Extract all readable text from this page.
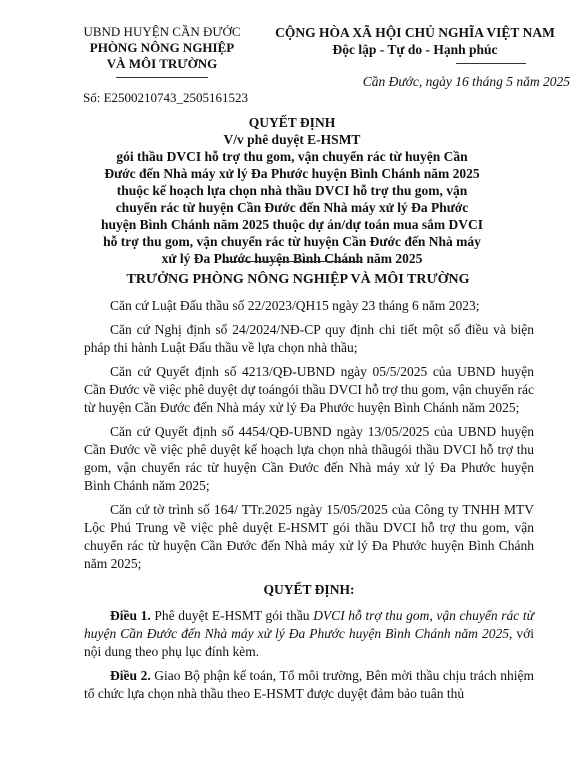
UBND HUYỆN CẦN ĐƯỚC
PHÒNG NÔNG NGHIỆP
VÀ MÔI TRƯỜNG
CỘNG HÒA XÃ HỘI CHỦ NGHĨA VIỆT NAM
Độc lập - Tự do - Hạnh phúc
Cần Đước, ngày 16 tháng 5 năm 2025
Số: E2500210743_2505161523
QUYẾT ĐỊNH
V/v phê duyệt E-HSMT
gói thầu DVCI hỗ trợ thu gom, vận chuyển rác từ huyện Cần Đước đến Nhà máy xử lý Đa Phước huyện Bình Chánh năm 2025 thuộc kế hoạch lựa chọn nhà thầu DVCI hỗ trợ thu gom, vận chuyển rác từ huyện Cần Đước đến Nhà máy xử lý Đa Phước huyện Bình Chánh năm 2025 thuộc dự án/dự toán mua sắm DVCI hỗ trợ thu gom, vận chuyển rác từ huyện Cần Đước đến Nhà máy xử lý Đa Phước huyện Bình Chánh năm 2025
TRƯỞNG PHÒNG NÔNG NGHIỆP VÀ MÔI TRƯỜNG

Căn cứ Luật Đấu thầu số 22/2023/QH15 ngày 23 tháng 6 năm 2023;

Căn cứ Nghị định số 24/2024/NĐ-CP quy định chi tiết một số điều và biện pháp thi hành Luật Đấu thầu về lựa chọn nhà thầu;

Căn cứ Quyết định số 4213/QĐ-UBND ngày 05/5/2025 của UBND huyện Cần Đước về việc phê duyệt dự toángói thầu DVCI hỗ trợ thu gom, vận chuyển rác từ huyện Cần Đước đến Nhà máy xử lý Đa Phước huyện Bình Chánh năm 2025;

Căn cứ Quyết định số 4454/QĐ-UBND ngày 13/05/2025 của UBND huyện Cần Đước về việc phê duyệt kế hoạch lựa chọn nhà thầugói thầu DVCI hỗ trợ thu gom, vận chuyển rác từ huyện Cần Đước đến Nhà máy xử lý Đa Phước huyện Bình Chánh năm 2025;

Căn cứ tờ trình số 164/ TTr.2025 ngày 15/05/2025 của Công ty TNHH MTV Lộc Phú Trung về việc phê duyệt E-HSMT gói thầu DVCI hỗ trợ thu gom, vận chuyển rác từ huyện Cần Đước đến Nhà máy xử lý Đa Phước huyện Bình Chánh năm 2025;

QUYẾT ĐỊNH:

Điều 1. Phê duyệt E-HSMT gói thầu DVCI hỗ trợ thu gom, vận chuyển rác từ huyện Cần Đước đến Nhà máy xử lý Đa Phước huyện Bình Chánh năm 2025, với nội dung theo phụ lục đính kèm.

Điều 2. Giao Bộ phận kế toán, Tổ môi trường, Bên mời thầu chịu trách nhiệm tổ chức lựa chọn nhà thầu theo E-HSMT được duyệt đảm bảo tuân thủ
